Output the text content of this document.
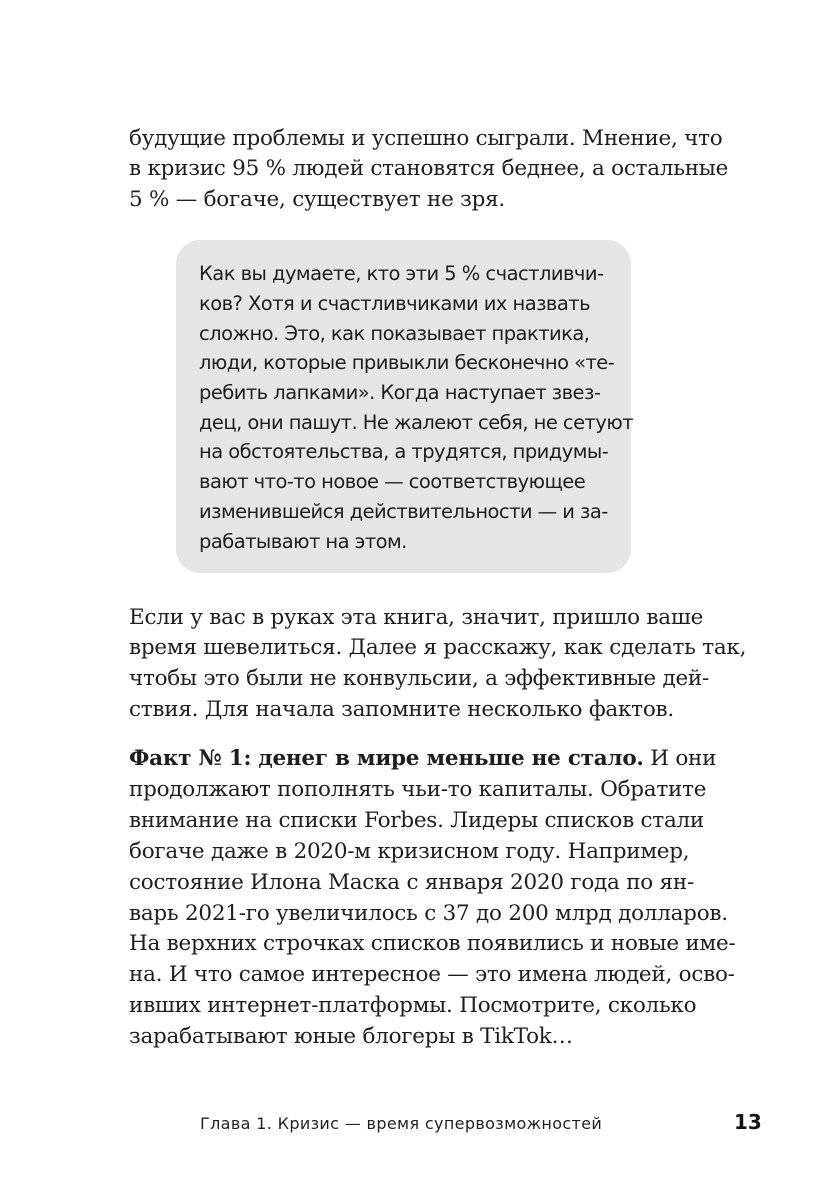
будущие проблемы и успешно сыграли. Мнение, что

в кризис 95 % людей становятся беднее, а остальные

5 % — богаче, существует не зря.

Как вы думаете, кто эти 5 % счастливчи-

ков? Хотя и счастливчиками их назвать

сложно. Это, как показывает практика,

люди, которые привыкли бесконечно «те-

ребить лапками». Когда наступает звез-

дец, они пашут. Не жалеют себя, не сетуют

на обстоятельства, а трудятся, придумы-

вают что-то новое — соответствующее

изменившейся действительности — и за-

рабатывают на этом.

Если у вас в руках эта книга, значит, пришло ваше

время шевелиться. Далее я расскажу, как сделать так,

чтобы это были не конвульсии, а эффективные дей-

ствия. Для начала запомните несколько фактов.

Факт № 1: денег в мире меньше не стало. И они

продолжают пополнять чьи-то капиталы. Обратите

внимание на списки Forbes. Лидеры списков стали

богаче даже в 2020-м кризисном году. Например,

состояние Илона Маска с января 2020 года по ян-

варь 2021-го увеличилось с 37 до 200 млрд долларов.

На верхних строчках списков появились и новые име-

на. И что самое интересное — это имена людей, осво-

ивших интернет-платформы. Посмотрите, сколько

зарабатывают юные блогеры в TikTok…

Глава 1. Кризис — время супервозможностей	13
